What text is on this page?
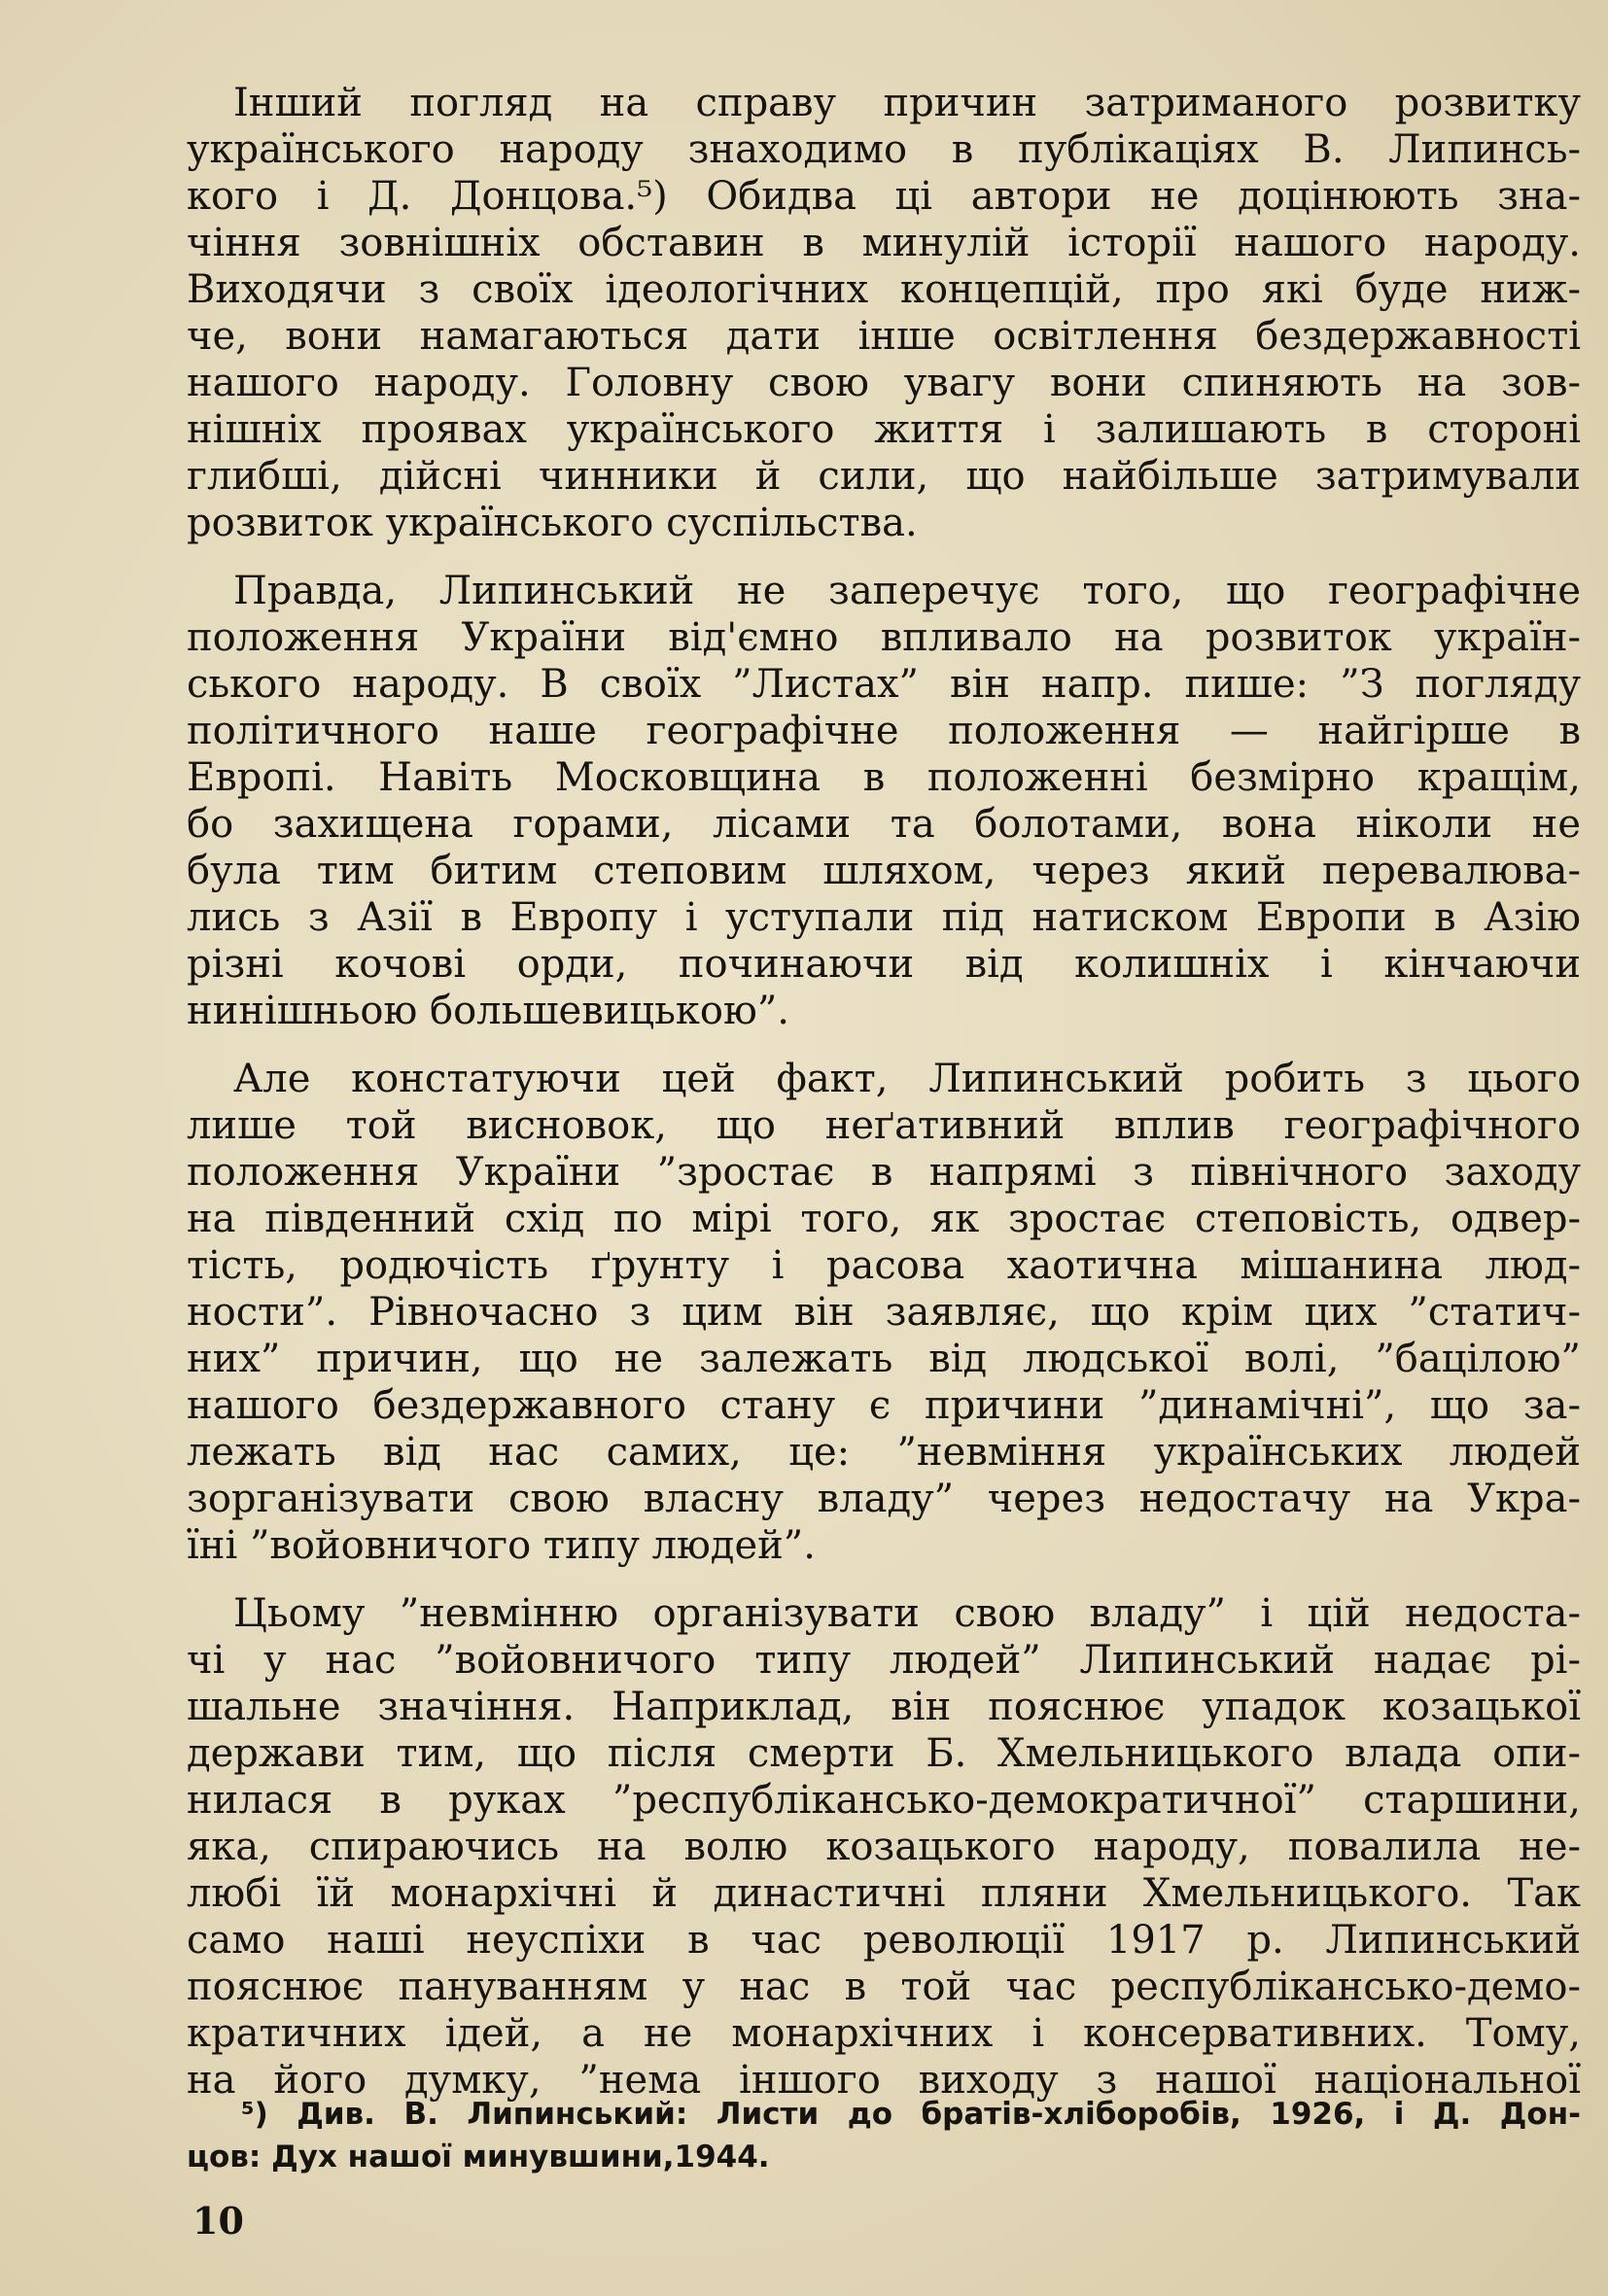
Інший погляд на справу причин затриманого розвитку
українського народу знаходимо в публікаціях В. Липинсь-
кого і Д. Донцова.⁵) Обидва ці автори не доцінюють зна-
чіння зовнішніх обставин в минулій історії нашого народу.
Виходячи з своїх ідеологічних концепцій, про які буде ниж-
че, вони намагаються дати інше освітлення бездержавності
нашого народу. Головну свою увагу вони спиняють на зов-
нішніх проявах українського життя і залишають в стороні
глибші, дійсні чинники й сили, що найбільше затримували
розвиток українського суспільства.

Правда, Липинський не заперечує того, що географічне
положення України від'ємно впливало на розвиток україн-
ського народу. В своїх ”Листах” він напр. пише: ”З погляду
політичного наше географічне положення — найгірше в
Европі. Навіть Московщина в положенні безмірно кращім,
бо захищена горами, лісами та болотами, вона ніколи не
була тим битим степовим шляхом, через який перевалюва-
лись з Азії в Европу і уступали під натиском Европи в Азію
різні кочові орди, починаючи від колишніх і кінчаючи
нинішньою большевицькою”.

Але констатуючи цей факт, Липинський робить з цього
лише той висновок, що неґативний вплив географічного
положення України ”зростає в напрямі з північного заходу
на південний схід по мірі того, як зростає степовість, одвер-
тість, родючість ґрунту і расова хаотична мішанина люд-
ности”. Рівночасно з цим він заявляє, що крім цих ”статич-
них” причин, що не залежать від людської волі, ”бацілою”
нашого бездержавного стану є причини ”динамічні”, що за-
лежать від нас самих, це: ”невміння українських людей
зорганізувати свою власну владу” через недостачу на Укра-
їні ”войовничого типу людей”.

Цьому ”невмінню організувати свою владу” і цій недоста-
чі у нас ”войовничого типу людей” Липинський надає рі-
шальне значіння. Наприклад, він пояснює упадок козацької
держави тим, що після смерти Б. Хмельницького влада опи-
нилася в руках ”республіканськo-демократичної” старшини,
яка, спираючись на волю козацького народу, повалила не-
любі їй монархічні й династичні пляни Хмельницького. Так
само наші неуспіхи в час революції 1917 р. Липинський
пояснює пануванням у нас в той час республіканськo-демо-
кратичних ідей, а не монархічних і консервативних. Тому,
на його думку, ”нема іншого виходу з нашої національної

⁵) Див. В. Липинський: Листи до братів-хліборобів, 1926, і Д. Дон-
цов: Дух нашої минувшини,1944.
10
